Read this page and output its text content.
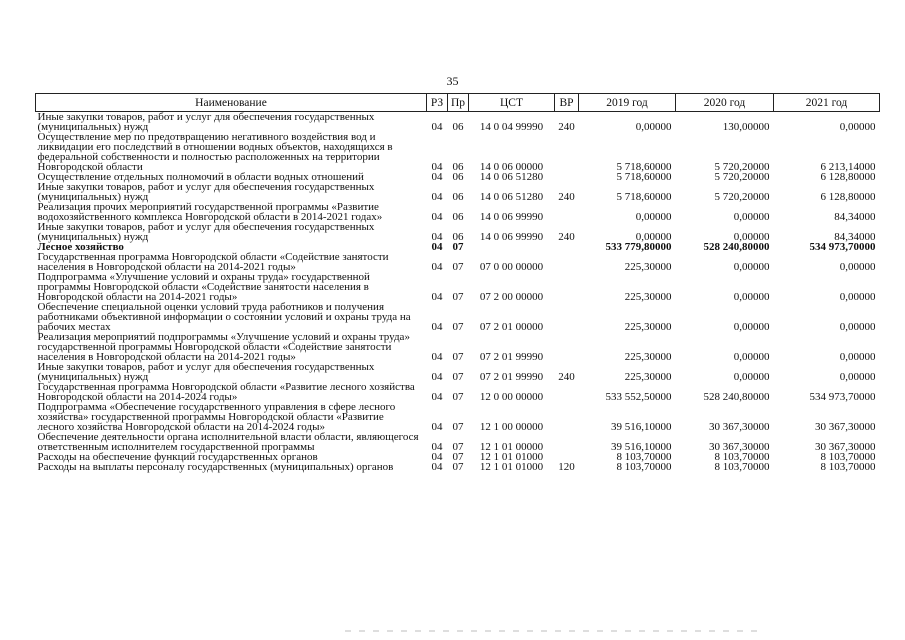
35
Наименование	РЗ	Пр	ЦСТ	ВР	2019 год	2020 год	2021 год
Иные закупки товаров, работ и услуг для обеспечения государственных (муниципальных) нужд	04	06	14 0 04 99990	240	0,00000	130,00000	0,00000
Осуществление мер по предотвращению негативного воздействия вод и ликвидации его последствий в отношении водных объектов, находящихся в федеральной собственности и полностью расположенных на территории Новгородской области	04	06	14 0 06 00000		5 718,60000	5 720,20000	6 213,14000
Осуществление отдельных полномочий в области водных отношений	04	06	14 0 06 51280		5 718,60000	5 720,20000	6 128,80000
Иные закупки товаров, работ и услуг для обеспечения государственных (муниципальных) нужд	04	06	14 0 06 51280	240	5 718,60000	5 720,20000	6 128,80000
Реализация прочих мероприятий государственной программы «Развитие водохозяйственного комплекса Новгородской области в 2014-2021 годах»	04	06	14 0 06 99990		0,00000	0,00000	84,34000
Иные закупки товаров, работ и услуг для обеспечения государственных (муниципальных) нужд	04	06	14 0 06 99990	240	0,00000	0,00000	84,34000
Лесное хозяйство	04	07			533 779,80000	528 240,80000	534 973,70000
Государственная программа Новгородской области «Содействие занятости населения в Новгородской области на 2014-2021 годы»	04	07	07 0 00 00000		225,30000	0,00000	0,00000
Подпрограмма «Улучшение условий и охраны труда» государственной программы Новгородской области «Содействие занятости населения в Новгородской области на 2014-2021 годы»	04	07	07 2 00 00000		225,30000	0,00000	0,00000
Обеспечение специальной оценки условий труда работников и получения работниками объективной информации о состоянии условий и охраны труда на рабочих местах	04	07	07 2 01 00000		225,30000	0,00000	0,00000
Реализация мероприятий подпрограммы «Улучшение условий и охраны труда» государственной программы Новгородской области «Содействие занятости населения в Новгородской области на 2014-2021 годы»	04	07	07 2 01 99990		225,30000	0,00000	0,00000
Иные закупки товаров, работ и услуг для обеспечения государственных (муниципальных) нужд	04	07	07 2 01 99990	240	225,30000	0,00000	0,00000
Государственная программа Новгородской области «Развитие лесного хозяйства Новгородской области на 2014-2024 годы»	04	07	12 0 00 00000		533 552,50000	528 240,80000	534 973,70000
Подпрограмма «Обеспечение государственного управления в сфере лесного хозяйства» государственной программы Новгородской области «Развитие лесного хозяйства Новгородской области на 2014-2024 годы»	04	07	12 1 00 00000		39 516,10000	30 367,30000	30 367,30000
Обеспечение деятельности органа исполнительной власти области, являющегося ответственным исполнителем государственной программы	04	07	12 1 01 00000		39 516,10000	30 367,30000	30 367,30000
Расходы на обеспечение функций государственных органов	04	07	12 1 01 01000		8 103,70000	8 103,70000	8 103,70000
Расходы на выплаты персоналу государственных (муниципальных) органов	04	07	12 1 01 01000	120	8 103,70000	8 103,70000	8 103,70000
